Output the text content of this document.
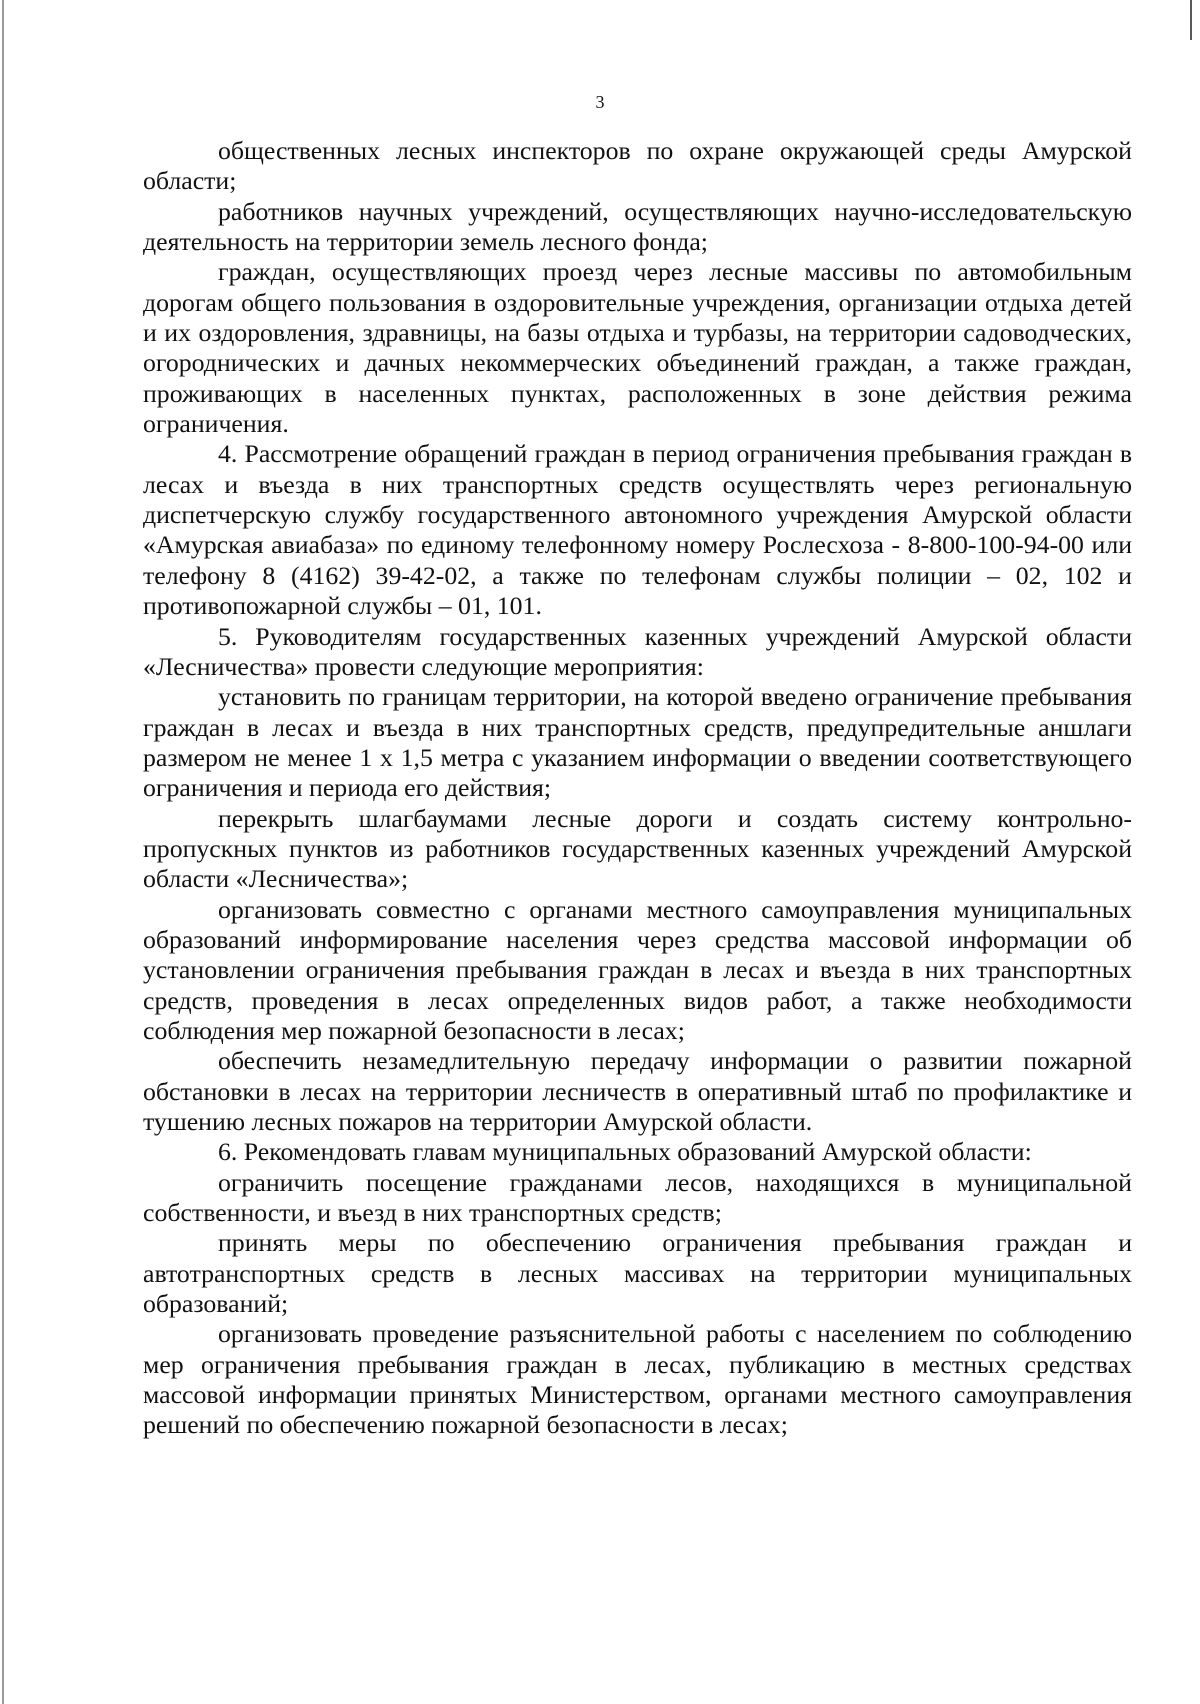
3

общественных лесных инспекторов по охране окружающей среды Амурской области;

работников научных учреждений, осуществляющих научно-исследовательскую деятельность на территории земель лесного фонда;

граждан, осуществляющих проезд через лесные массивы по автомобильным дорогам общего пользования в оздоровительные учреждения, организации отдыха детей и их оздоровления, здравницы, на базы отдыха и турбазы, на территории садоводческих, огороднических и дачных некоммерческих объединений граждан, а также граждан, проживающих в населенных пунктах, расположенных в зоне действия режима ограничения.

4. Рассмотрение обращений граждан в период ограничения пребывания граждан в лесах и въезда в них транспортных средств осуществлять через региональную диспетчерскую службу государственного автономного учреждения Амурской области «Амурская авиабаза» по единому телефонному номеру Рослесхоза - 8-800-100-94-00 или телефону 8 (4162) 39-42-02, а также по телефонам службы полиции – 02, 102 и противопожарной службы – 01, 101.

5. Руководителям государственных казенных учреждений Амурской области «Лесничества» провести следующие мероприятия:

установить по границам территории, на которой введено ограничение пребывания граждан в лесах и въезда в них транспортных средств, предупредительные аншлаги размером не менее 1 х 1,5 метра с указанием информации о введении соответствующего ограничения и периода его действия;

перекрыть шлагбаумами лесные дороги и создать систему контрольно-пропускных пунктов из работников государственных казенных учреждений Амурской области «Лесничества»;

организовать совместно с органами местного самоуправления муниципальных образований информирование населения через средства массовой информации об установлении ограничения пребывания граждан в лесах и въезда в них транспортных средств, проведения в лесах определенных видов работ, а также необходимости соблюдения мер пожарной безопасности в лесах;

обеспечить незамедлительную передачу информации о развитии пожарной обстановки в лесах на территории лесничеств в оперативный штаб по профилактике и тушению лесных пожаров на территории Амурской области.

6. Рекомендовать главам муниципальных образований Амурской области:

ограничить посещение гражданами лесов, находящихся в муниципальной собственности, и въезд в них транспортных средств;

принять меры по обеспечению ограничения пребывания граждан и автотранспортных средств в лесных массивах на территории муниципальных образований;

организовать проведение разъяснительной работы с населением по соблюдению мер ограничения пребывания граждан в лесах, публикацию в местных средствах массовой информации принятых Министерством, органами местного самоуправления решений по обеспечению пожарной безопасности в лесах;
